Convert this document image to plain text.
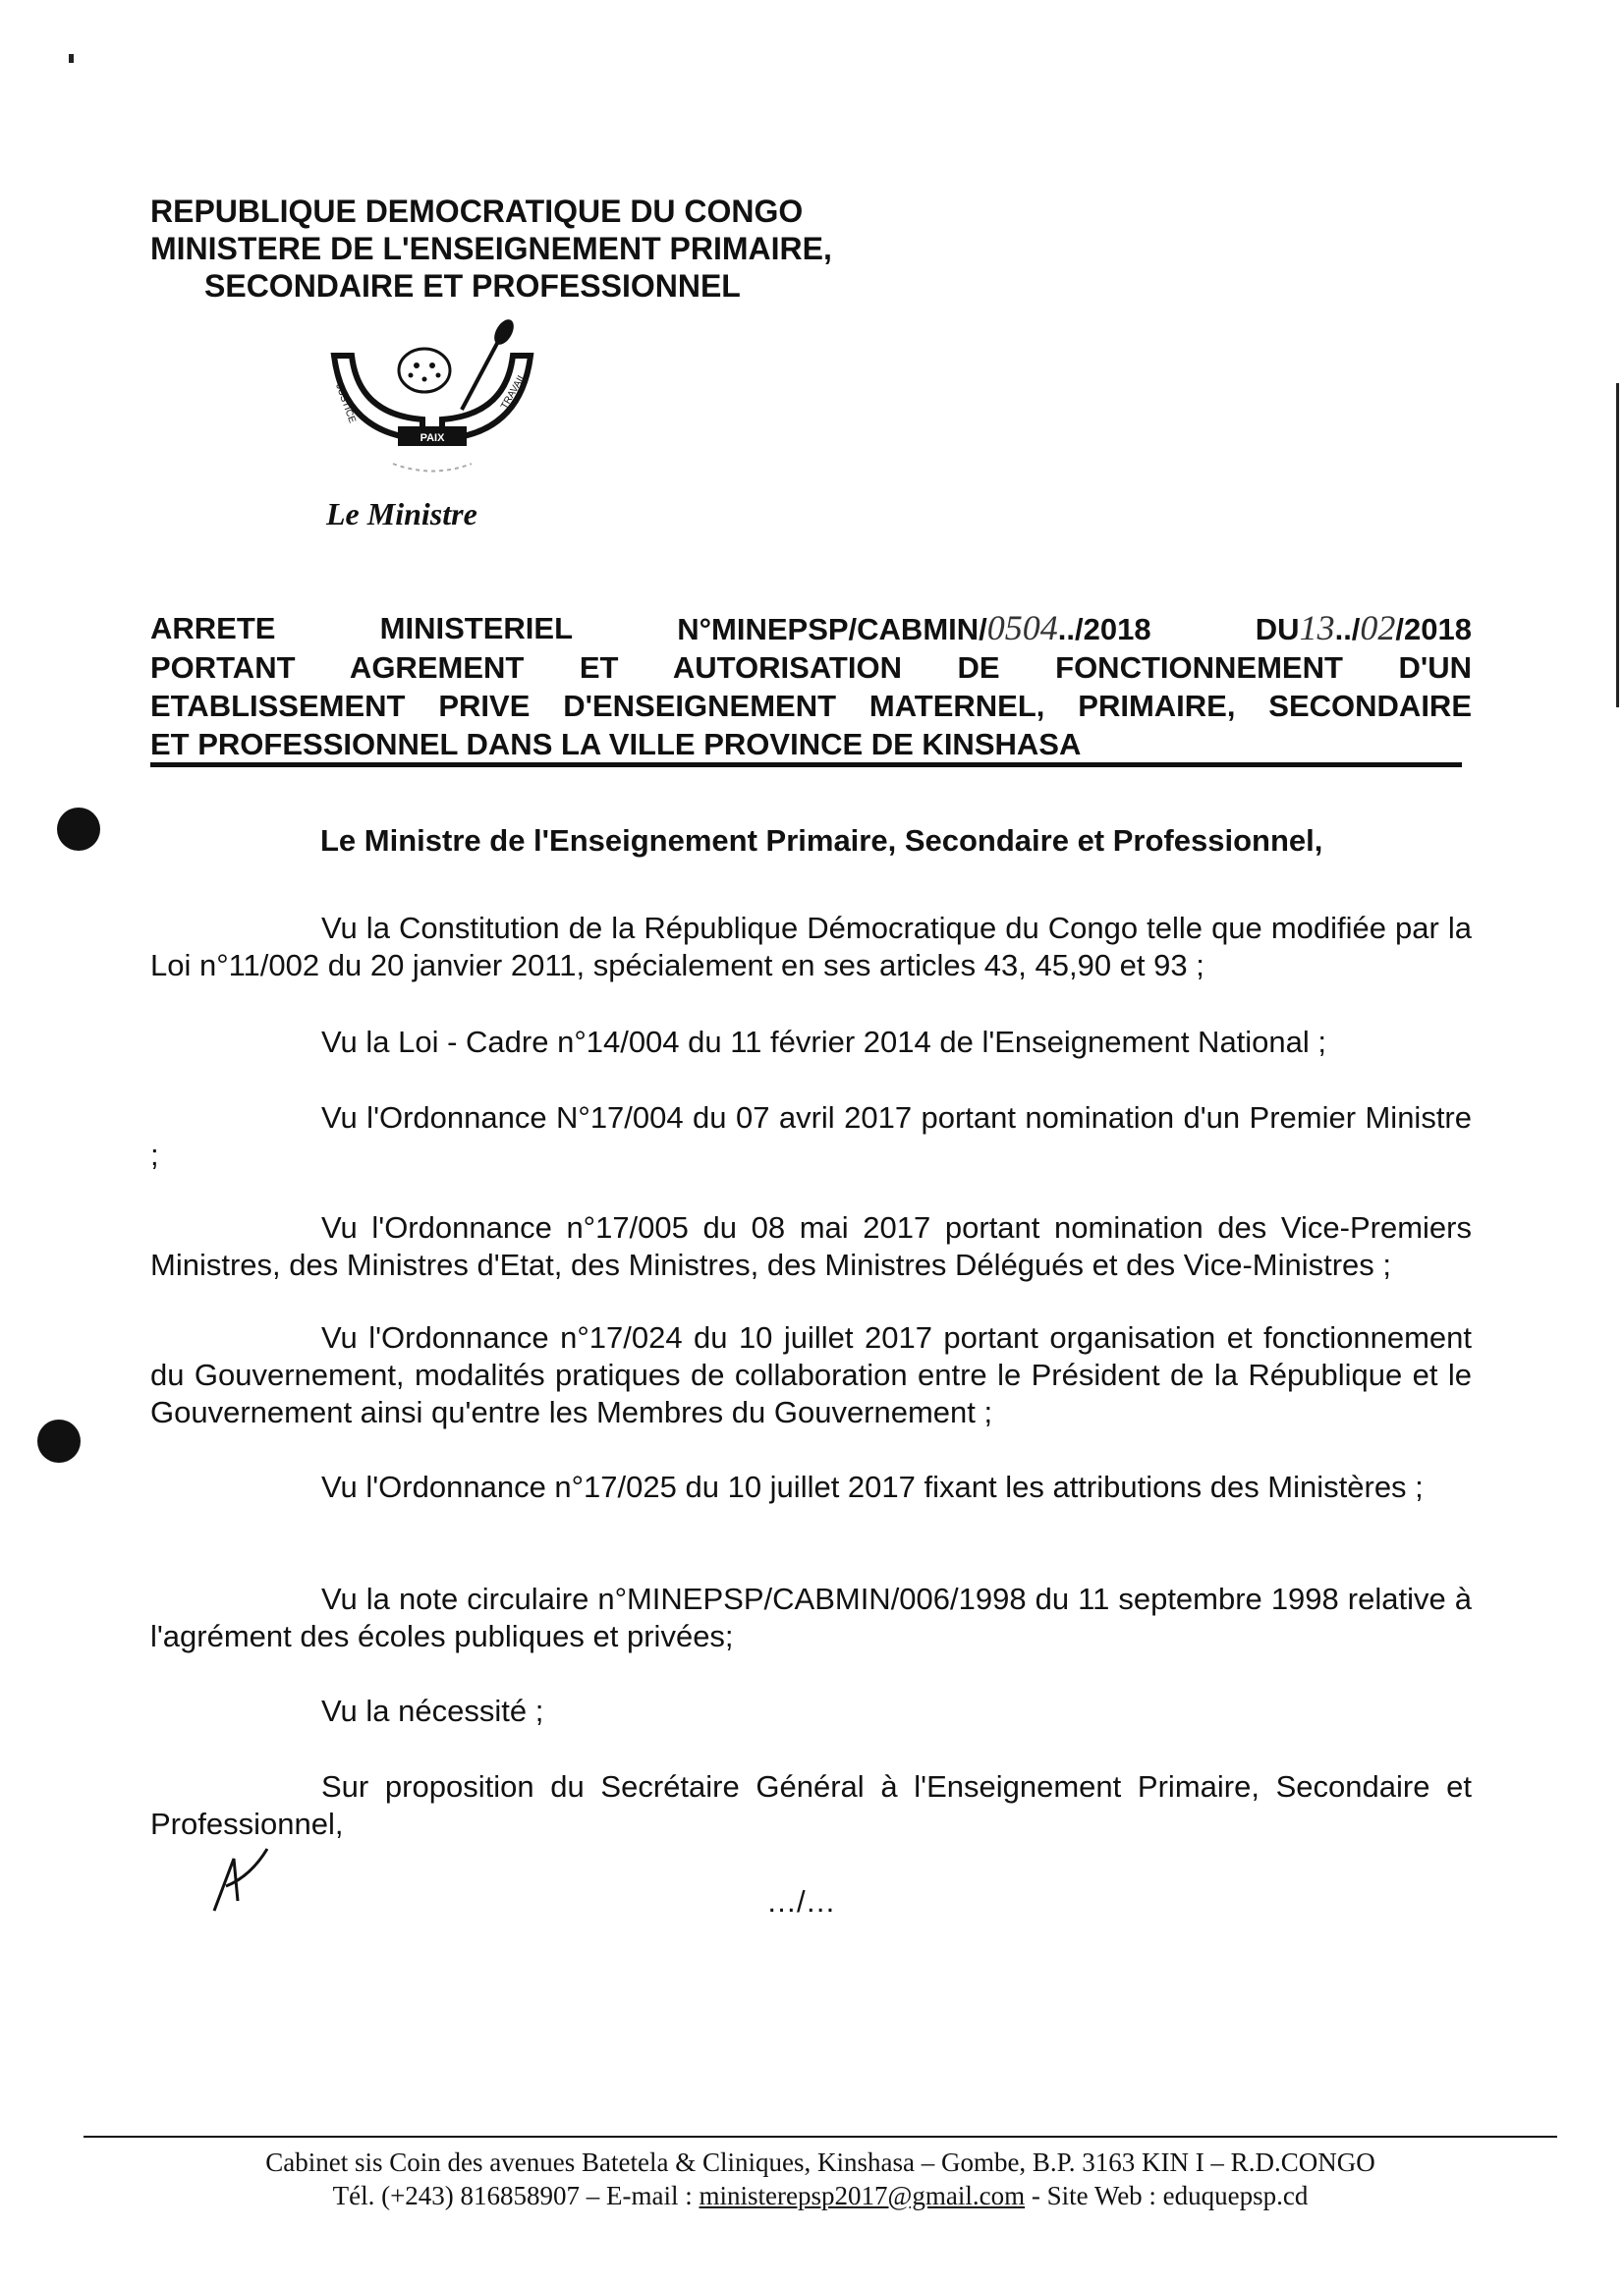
REPUBLIQUE DEMOCRATIQUE DU CONGO
MINISTERE DE L'ENSEIGNEMENT PRIMAIRE,
SECONDAIRE ET PROFESSIONNEL
PAIX
JUSTICE	TRAVAIL
Le Ministre
ARRETE	MINISTERIEL	N°MINEPSP/CABMIN/0504../2018	DU13../02/2018
PORTANT AGREMENT ET AUTORISATION DE FONCTIONNEMENT D'UN
ETABLISSEMENT PRIVE D'ENSEIGNEMENT MATERNEL, PRIMAIRE, SECONDAIRE
ET PROFESSIONNEL DANS LA VILLE PROVINCE DE KINSHASA
Le Ministre de l'Enseignement Primaire, Secondaire et Professionnel,
Vu la Constitution de la République Démocratique du Congo telle que modifiée par la Loi n°11/002 du 20 janvier 2011, spécialement en ses articles 43, 45,90 et 93 ;
Vu la Loi - Cadre n°14/004 du 11 février 2014 de l'Enseignement National ;
Vu l'Ordonnance N°17/004 du 07 avril 2017 portant nomination d'un Premier Ministre ;
Vu l'Ordonnance n°17/005 du 08 mai 2017 portant nomination des Vice-Premiers Ministres, des Ministres d'Etat, des Ministres, des Ministres Délégués et des Vice-Ministres ;
Vu l'Ordonnance n°17/024 du 10 juillet 2017 portant organisation et fonctionnement du Gouvernement, modalités pratiques de collaboration entre le Président de la République et le Gouvernement ainsi qu'entre les Membres du Gouvernement ;
Vu l'Ordonnance n°17/025 du 10 juillet 2017 fixant les attributions des Ministères ;
Vu la note circulaire n°MINEPSP/CABMIN/006/1998 du 11 septembre 1998 relative à l'agrément des écoles publiques et privées;
Vu la nécessité ;
Sur proposition du Secrétaire Général à l'Enseignement Primaire, Secondaire et Professionnel,
…/…
Cabinet sis Coin des avenues Batetela & Cliniques, Kinshasa – Gombe, B.P. 3163 KIN I – R.D.CONGO
Tél. (+243) 816858907 – E-mail : ministerepsp2017@gmail.com - Site Web : eduquepsp.cd
